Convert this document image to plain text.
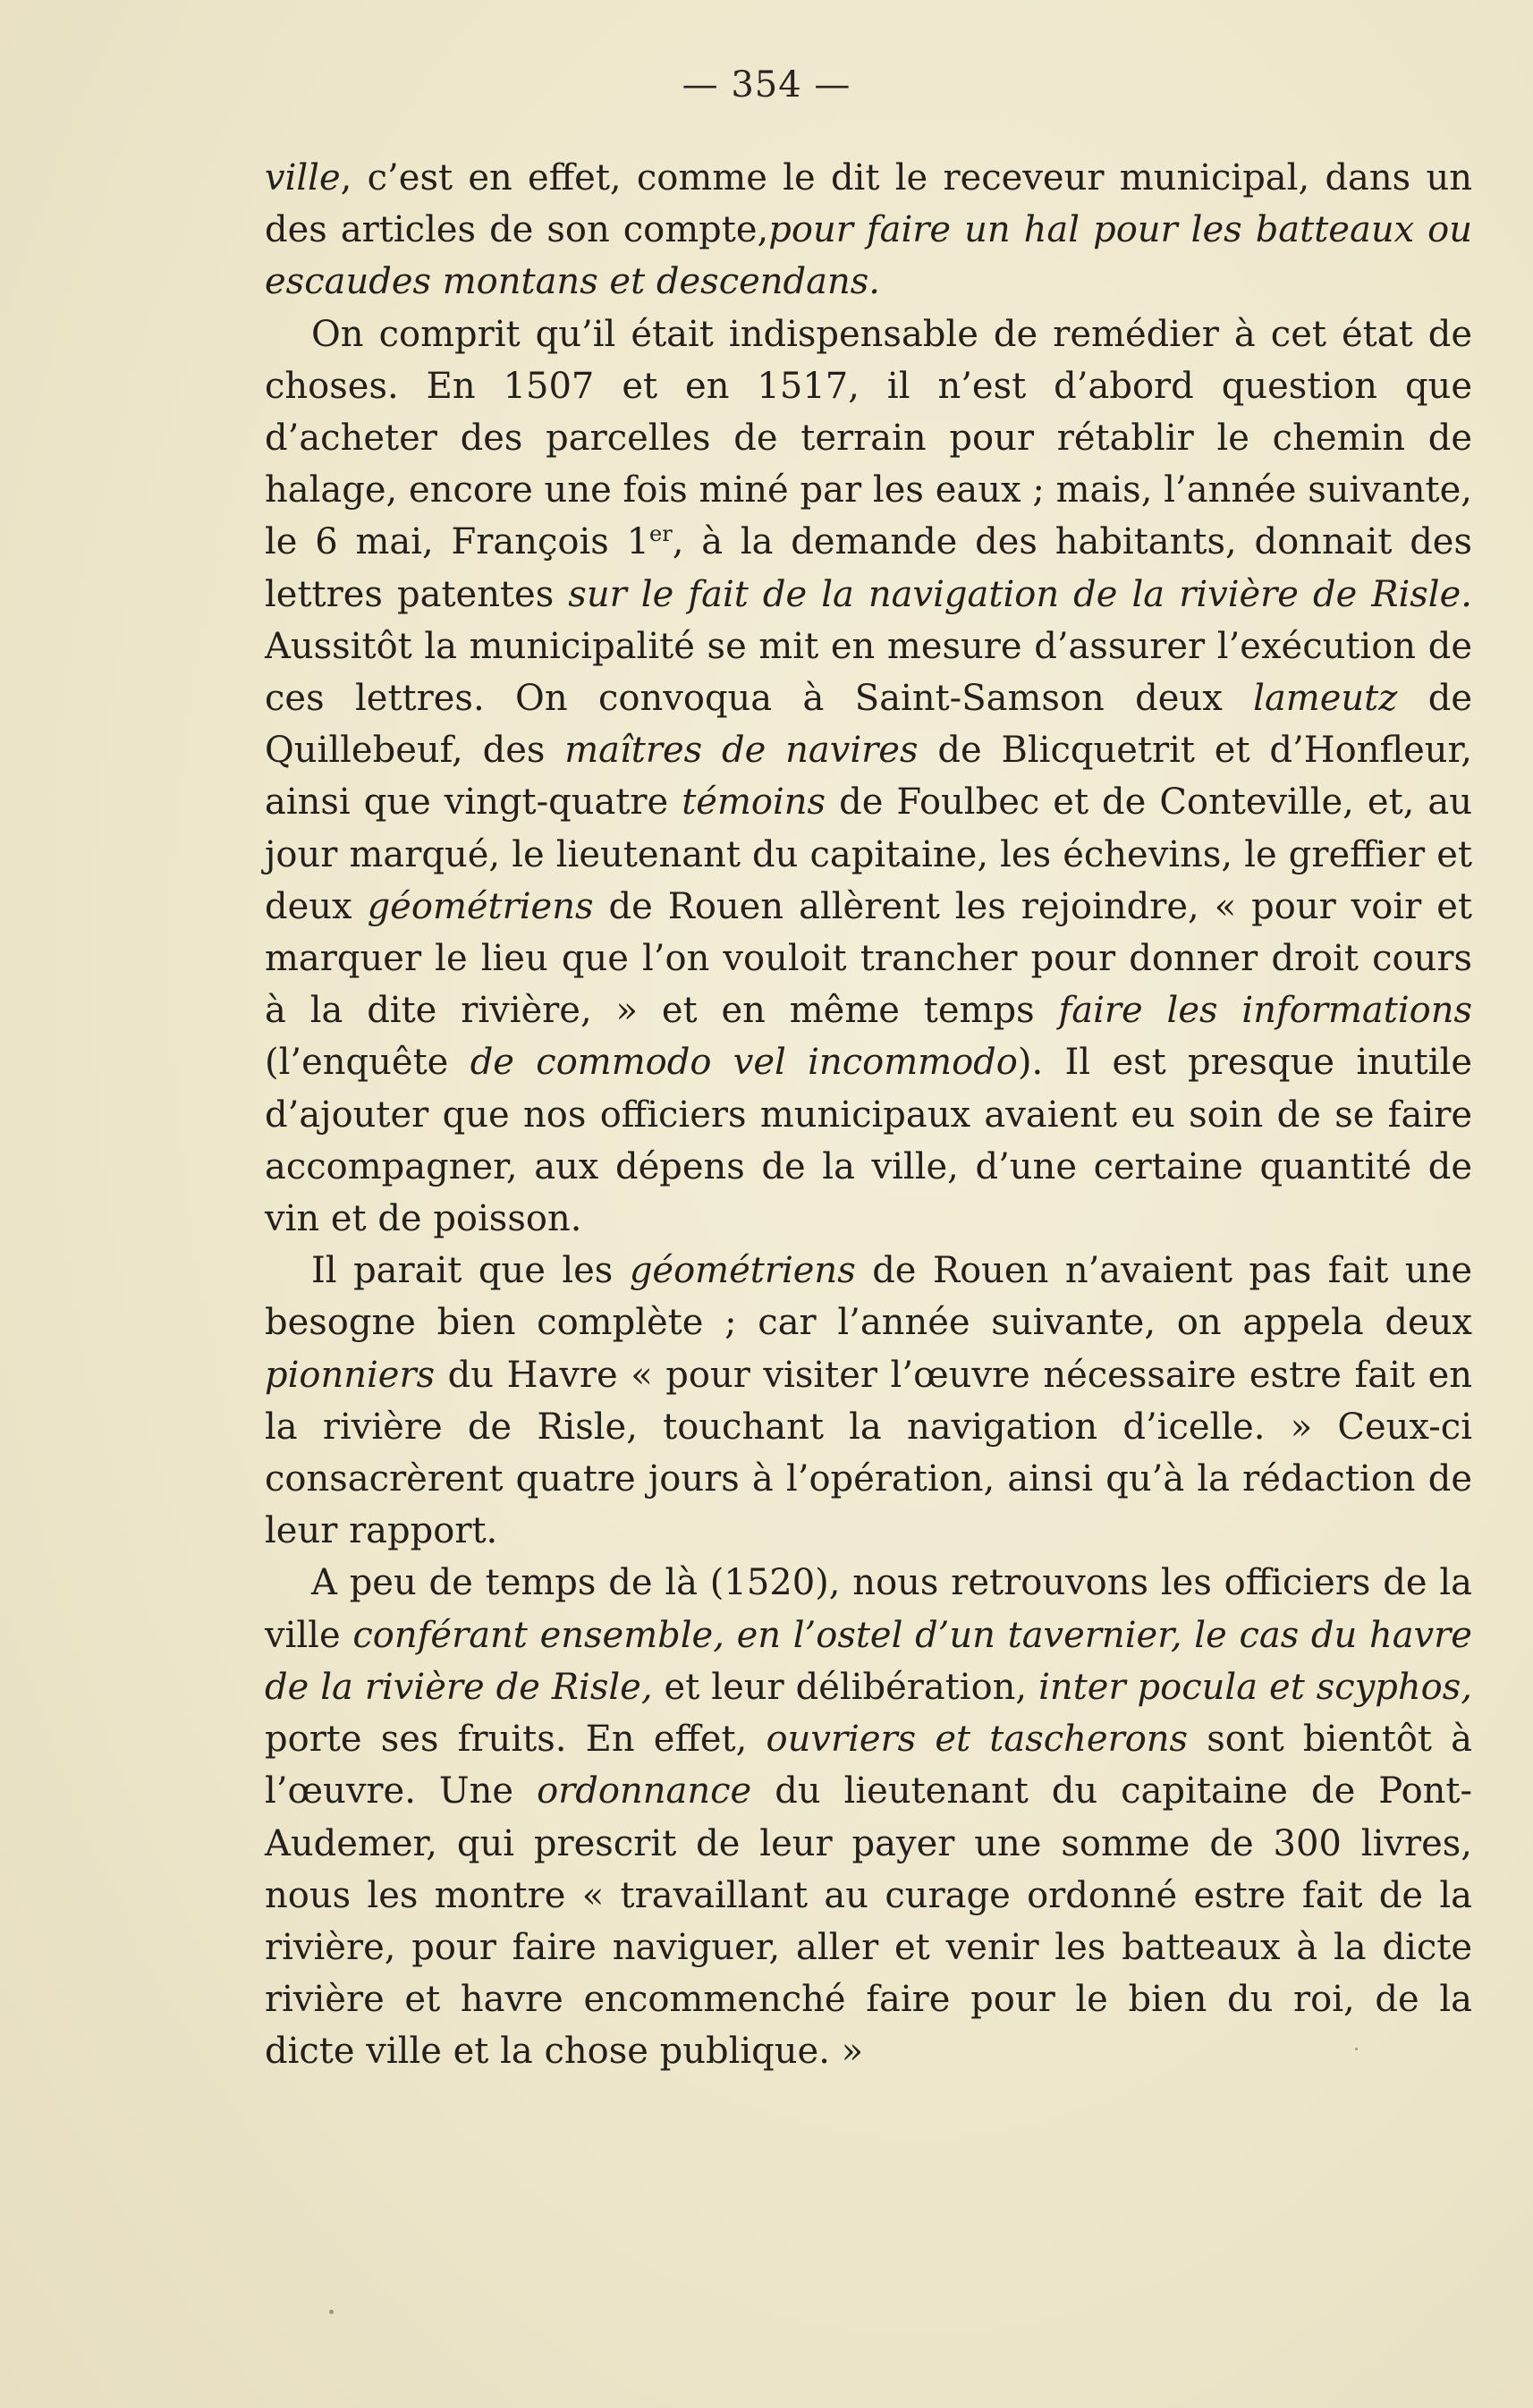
— 354 —

ville, c’est en effet, comme le dit le receveur municipal, dans un des articles de son compte,pour faire un hal pour les batteaux ou escaudes montans et descendans.

On comprit qu’il était indispensable de remédier à cet état de choses. En 1507 et en 1517, il n’est d’abord question que d’acheter des parcelles de terrain pour rétablir le chemin de halage, encore une fois miné par les eaux ; mais, l’année suivante, le 6 mai, François 1er, à la demande des habitants, donnait des lettres patentes sur le fait de la navigation de la rivière de Risle. Aussitôt la municipalité se mit en mesure d’assurer l’exécution de ces lettres. On convoqua à Saint-Samson deux lameutz de Quillebeuf, des maîtres de navires de Blicquetrit et d’Honfleur, ainsi que vingt-quatre témoins de Foulbec et de Conteville, et, au jour marqué, le lieutenant du capitaine, les échevins, le greffier et deux géométriens de Rouen allèrent les rejoindre, « pour voir et marquer le lieu que l’on vouloit trancher pour donner droit cours à la dite rivière, » et en même temps faire les informations (l’enquête de commodo vel incommodo). Il est presque inutile d’ajouter que nos officiers municipaux avaient eu soin de se faire accompagner, aux dépens de la ville, d’une certaine quantité de vin et de poisson.

Il parait que les géométriens de Rouen n’avaient pas fait une besogne bien complète ; car l’année suivante, on appela deux pionniers du Havre « pour visiter l’œuvre nécessaire estre fait en la rivière de Risle, touchant la navigation d’icelle. » Ceux-ci consacrèrent quatre jours à l’opération, ainsi qu’à la rédaction de leur rapport.

A peu de temps de là (1520), nous retrouvons les officiers de la ville conférant ensemble, en l’ostel d’un tavernier, le cas du havre de la rivière de Risle, et leur délibération, inter pocula et scyphos, porte ses fruits. En effet, ouvriers et tascherons sont bientôt à l’œuvre. Une ordonnance du lieutenant du capitaine de Pont-Audemer, qui prescrit de leur payer une somme de 300 livres, nous les montre « travaillant au curage ordonné estre fait de la rivière, pour faire naviguer, aller et venir les batteaux à la dicte rivière et havre encommenché faire pour le bien du roi, de la dicte ville et la chose publique. »
